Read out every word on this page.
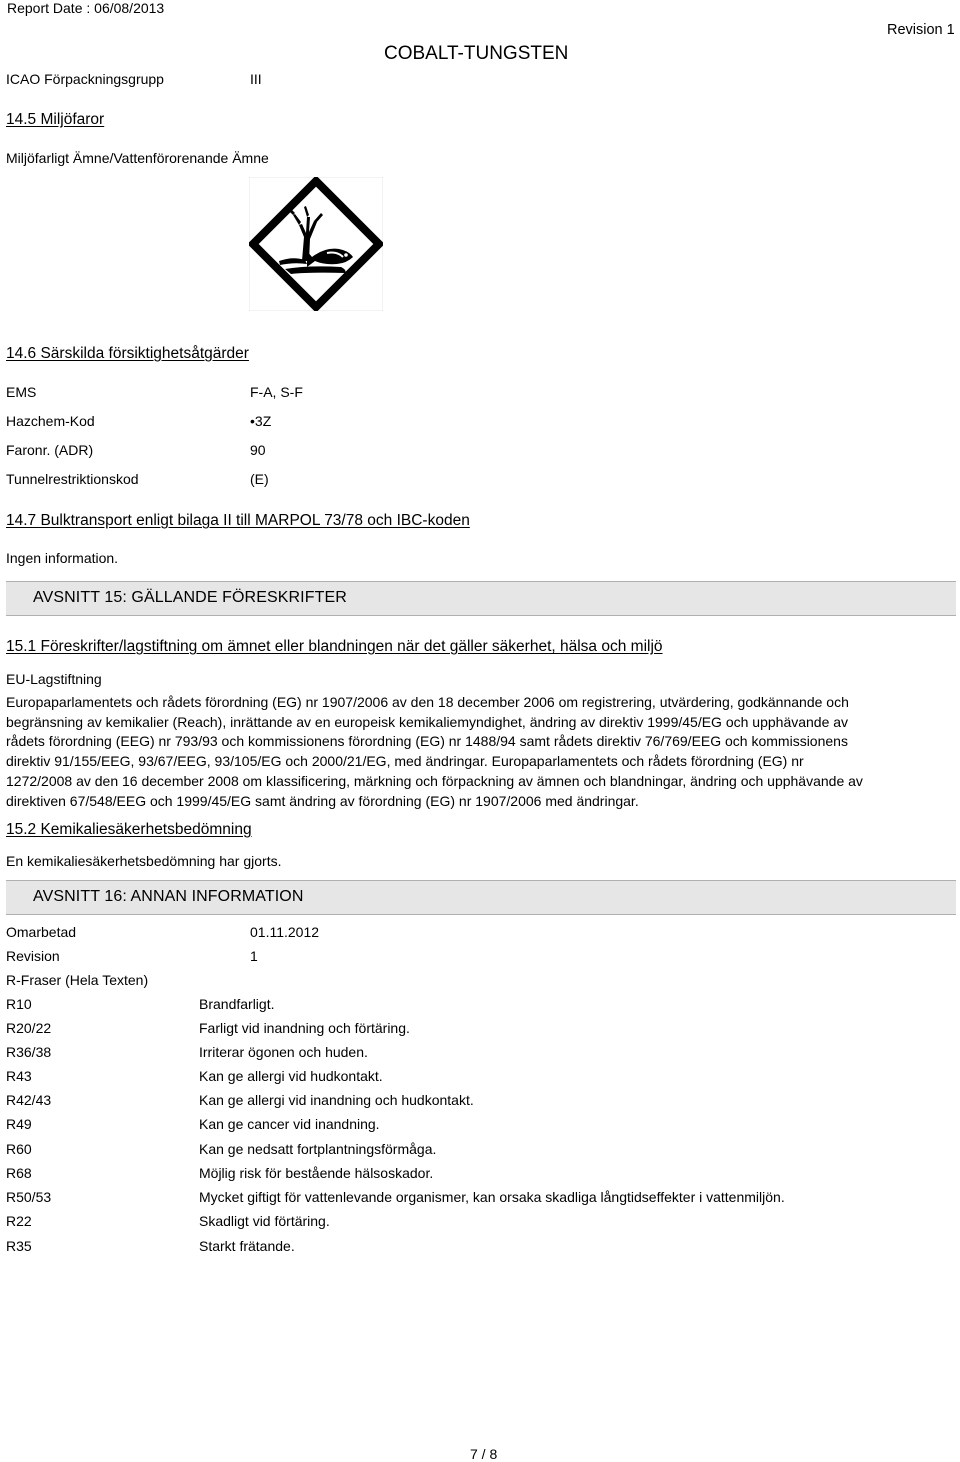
Report Date : 06/08/2013
Revision 1
COBALT-TUNGSTEN
ICAO Förpackningsgrupp	III
14.5 Miljöfaror
Miljöfarligt Ämne/Vattenförorenande Ämne
14.6 Särskilda försiktighetsåtgärder
EMS	F-A, S-F
Hazchem-Kod	•3Z
Faronr. (ADR)	90
Tunnelrestriktionskod	(E)
14.7 Bulktransport enligt bilaga II till MARPOL 73/78 och IBC-koden
Ingen information.
AVSNITT 15: GÄLLANDE FÖRESKRIFTER
15.1 Föreskrifter/lagstiftning om ämnet eller blandningen när det gäller säkerhet, hälsa och miljö
EU-Lagstiftning
Europaparlamentets och rådets förordning (EG) nr 1907/2006 av den 18 december 2006 om registrering, utvärdering, godkännande och
begränsning av kemikalier (Reach), inrättande av en europeisk kemikaliemyndighet, ändring av direktiv 1999/45/EG och upphävande av
rådets förordning (EEG) nr 793/93 och kommissionens förordning (EG) nr 1488/94 samt rådets direktiv 76/769/EEG och kommissionens
direktiv 91/155/EEG, 93/67/EEG, 93/105/EG och 2000/21/EG, med ändringar. Europaparlamentets och rådets förordning (EG) nr
1272/2008 av den 16 december 2008 om klassificering, märkning och förpackning av ämnen och blandningar, ändring och upphävande av
direktiven 67/548/EEG och 1999/45/EG samt ändring av förordning (EG) nr 1907/2006 med ändringar.
15.2 Kemikaliesäkerhetsbedömning
En kemikaliesäkerhetsbedömning har gjorts.
AVSNITT 16: ANNAN INFORMATION
Omarbetad	01.11.2012
Revision	1
R-Fraser (Hela Texten)
R10	Brandfarligt.
R20/22	Farligt vid inandning och förtäring.
R36/38	Irriterar ögonen och huden.
R43	Kan ge allergi vid hudkontakt.
R42/43	Kan ge allergi vid inandning och hudkontakt.
R49	Kan ge cancer vid inandning.
R60	Kan ge nedsatt fortplantningsförmåga.
R68	Möjlig risk för bestående hälsoskador.
R50/53	Mycket giftigt för vattenlevande organismer, kan orsaka skadliga långtidseffekter i vattenmiljön.
R22	Skadligt vid förtäring.
R35	Starkt frätande.
7 / 8
